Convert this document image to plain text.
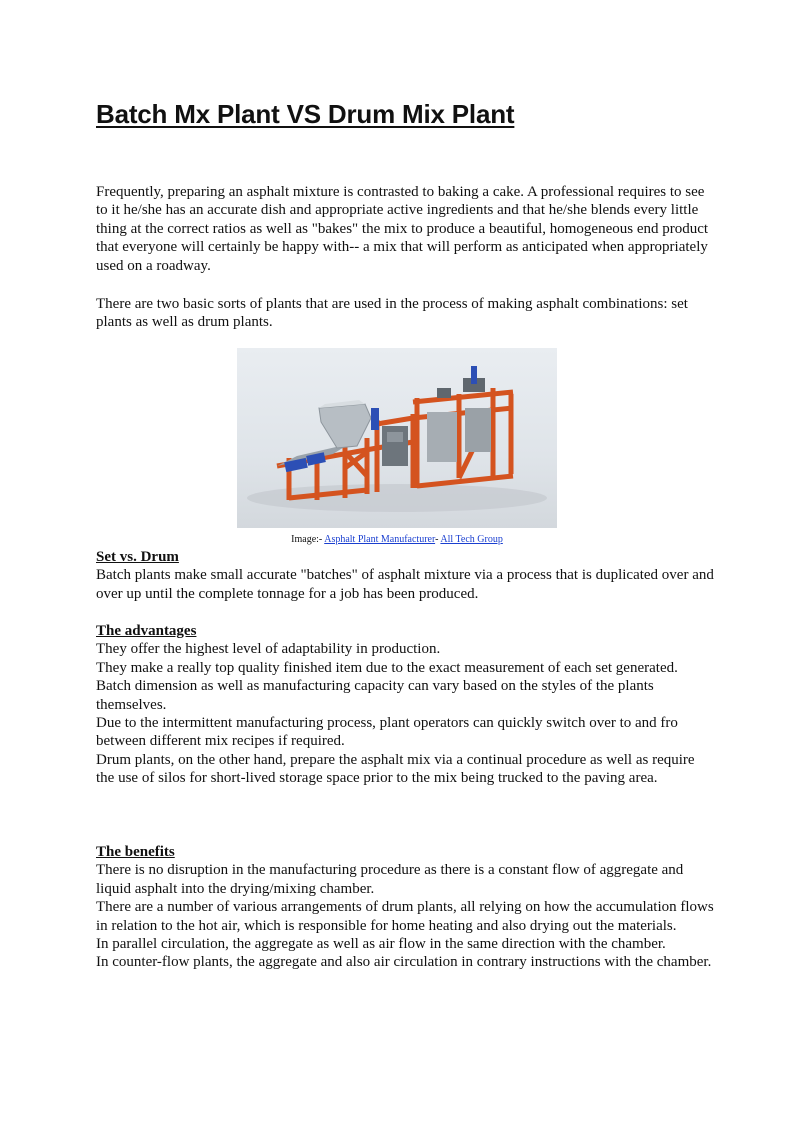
Batch Mx Plant VS Drum Mix Plant

Frequently, preparing an asphalt mixture is contrasted to baking a cake. A professional requires to see to it he/she has an accurate dish and appropriate active ingredients and that he/she blends every little thing at the correct ratios as well as "bakes" the mix to produce a beautiful, homogeneous end product that everyone will certainly be happy with-- a mix that will perform as anticipated when appropriately used on a roadway.

There are two basic sorts of plants that are used in the process of making asphalt combinations: set plants as well as drum plants.

Image:- Asphalt Plant Manufacturer- All Tech Group

Set vs. Drum

Batch plants make small accurate "batches" of asphalt mixture via a process that is duplicated over and over up until the complete tonnage for a job has been produced.

The advantages

They offer the highest level of adaptability in production.

They make a really top quality finished item due to the exact measurement of each set generated.

Batch dimension as well as manufacturing capacity can vary based on the styles of the plants themselves.

Due to the intermittent manufacturing process, plant operators can quickly switch over to and fro between different mix recipes if required.

Drum plants, on the other hand, prepare the asphalt mix via a continual procedure as well as require the use of silos for short-lived storage space prior to the mix being trucked to the paving area.

The benefits

There is no disruption in the manufacturing procedure as there is a constant flow of aggregate and liquid asphalt into the drying/mixing chamber.

There are a number of various arrangements of drum plants, all relying on how the accumulation flows in relation to the hot air, which is responsible for home heating and also drying out the materials.

In parallel circulation, the aggregate as well as air flow in the same direction with the chamber.

In counter-flow plants, the aggregate and also air circulation in contrary instructions with the chamber.
